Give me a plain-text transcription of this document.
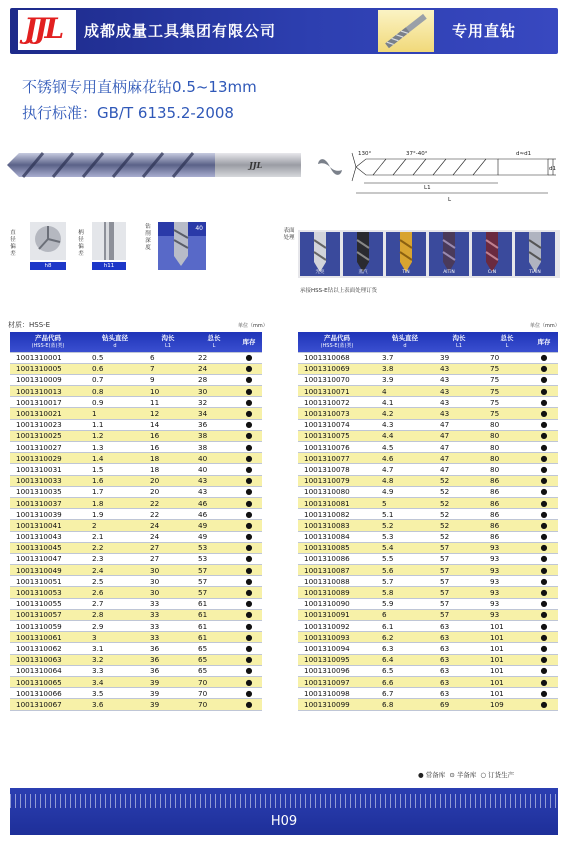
JJL 成都成量工具集团有限公司	专用直钻
不锈钢专用直柄麻花钻0.5~13mm
执行标准：GB/T 6135.2-2008
JJL
130°	37°-40°	d≈d1
d1
L1
L
直径偏差
h8
柄径偏差
h11
钻削深度
40	表面处理
光亮	蒸汽	TiN	AlTiN	CrN	TiAlN
承接HSS-E钻以上表面处理订货
材质：HSS-E	单位（mm）	单位（mm）
产品代码
(HSS-E(蓝)类)	钻头直径
d	沟长
L1	总长
L	库存
1001310001	0.5	6	22	●
1001310005	0.6	7	24	●
1001310009	0.7	9	28	●
1001310013	0.8	10	30	●
1001310017	0.9	11	32	●
1001310021	1	12	34	●
1001310023	1.1	14	36	●
1001310025	1.2	16	38	●
1001310027	1.3	16	38	●
1001310029	1.4	18	40	●
1001310031	1.5	18	40	●
1001310033	1.6	20	43	●
1001310035	1.7	20	43	●
1001310037	1.8	22	46	●
1001310039	1.9	22	46	●
1001310041	2	24	49	●
1001310043	2.1	24	49	●
1001310045	2.2	27	53	●
1001310047	2.3	27	53	●
1001310049	2.4	30	57	●
1001310051	2.5	30	57	●
1001310053	2.6	30	57	●
1001310055	2.7	33	61	●
1001310057	2.8	33	61	●
1001310059	2.9	33	61	●
1001310061	3	33	61	●
1001310062	3.1	36	65	●
1001310063	3.2	36	65	●
1001310064	3.3	36	65	●
1001310065	3.4	39	70	●
1001310066	3.5	39	70	●
1001310067	3.6	39	70	●
产品代码
(HSS-E(蓝)类)	钻头直径
d	沟长
L1	总长
L	库存
1001310068	3.7	39	70	●
1001310069	3.8	43	75	●
1001310070	3.9	43	75	●
1001310071	4	43	75	●
1001310072	4.1	43	75	●
1001310073	4.2	43	75	●
1001310074	4.3	47	80	●
1001310075	4.4	47	80	●
1001310076	4.5	47	80	●
1001310077	4.6	47	80	●
1001310078	4.7	47	80	●
1001310079	4.8	52	86	●
1001310080	4.9	52	86	●
1001310081	5	52	86	●
1001310082	5.1	52	86	●
1001310083	5.2	52	86	●
1001310084	5.3	52	86	●
1001310085	5.4	57	93	●
1001310086	5.5	57	93	●
1001310087	5.6	57	93	●
1001310088	5.7	57	93	●
1001310089	5.8	57	93	●
1001310090	5.9	57	93	●
1001310091	6	57	93	●
1001310092	6.1	63	101	●
1001310093	6.2	63	101	●
1001310094	6.3	63	101	●
1001310095	6.4	63	101	●
1001310096	6.5	63	101	●
1001310097	6.6	63	101	●
1001310098	6.7	63	101	●
1001310099	6.8	69	109	●
● 常备库 ⊙ 半备库 ○ 订货生产
H09
